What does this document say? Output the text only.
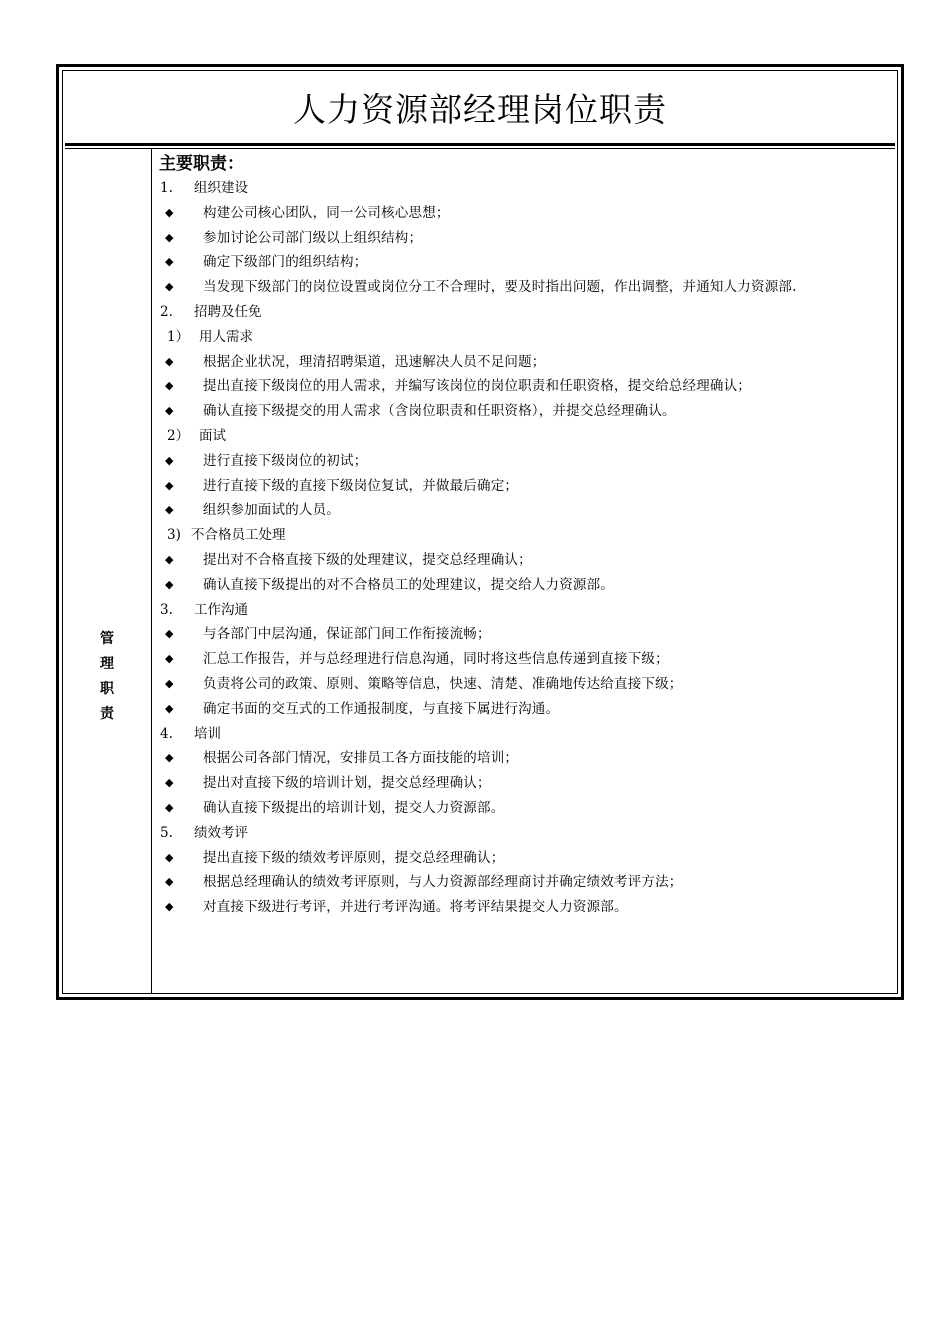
人力资源部经理岗位职责
管
理
职
责
主要职责：
1. 组织建设
◆ 构建公司核心团队，同一公司核心思想；
◆ 参加讨论公司部门级以上组织结构；
◆ 确定下级部门的组织结构；
◆ 当发现下级部门的岗位设置或岗位分工不合理时，要及时指出问题，作出调整，并通知人力资源部.
2. 招聘及任免
1） 用人需求
◆ 根据企业状况，理清招聘渠道，迅速解决人员不足问题；
◆ 提出直接下级岗位的用人需求，并编写该岗位的岗位职责和任职资格，提交给总经理确认；
◆ 确认直接下级提交的用人需求（含岗位职责和任职资格），并提交总经理确认。
2） 面试
◆ 进行直接下级岗位的初试；
◆ 进行直接下级的直接下级岗位复试，并做最后确定；
◆ 组织参加面试的人员。
3) 不合格员工处理
◆ 提出对不合格直接下级的处理建议，提交总经理确认；
◆ 确认直接下级提出的对不合格员工的处理建议，提交给人力资源部。
3. 工作沟通
◆ 与各部门中层沟通，保证部门间工作衔接流畅；
◆ 汇总工作报告，并与总经理进行信息沟通，同时将这些信息传递到直接下级；
◆ 负责将公司的政策、原则、策略等信息，快速、清楚、准确地传达给直接下级；
◆ 确定书面的交互式的工作通报制度，与直接下属进行沟通。
4. 培训
◆ 根据公司各部门情况，安排员工各方面技能的培训；
◆ 提出对直接下级的培训计划，提交总经理确认；
◆ 确认直接下级提出的培训计划，提交人力资源部。
5. 绩效考评
◆ 提出直接下级的绩效考评原则，提交总经理确认；
◆ 根据总经理确认的绩效考评原则，与人力资源部经理商讨并确定绩效考评方法；
◆ 对直接下级进行考评，并进行考评沟通。将考评结果提交人力资源部。
